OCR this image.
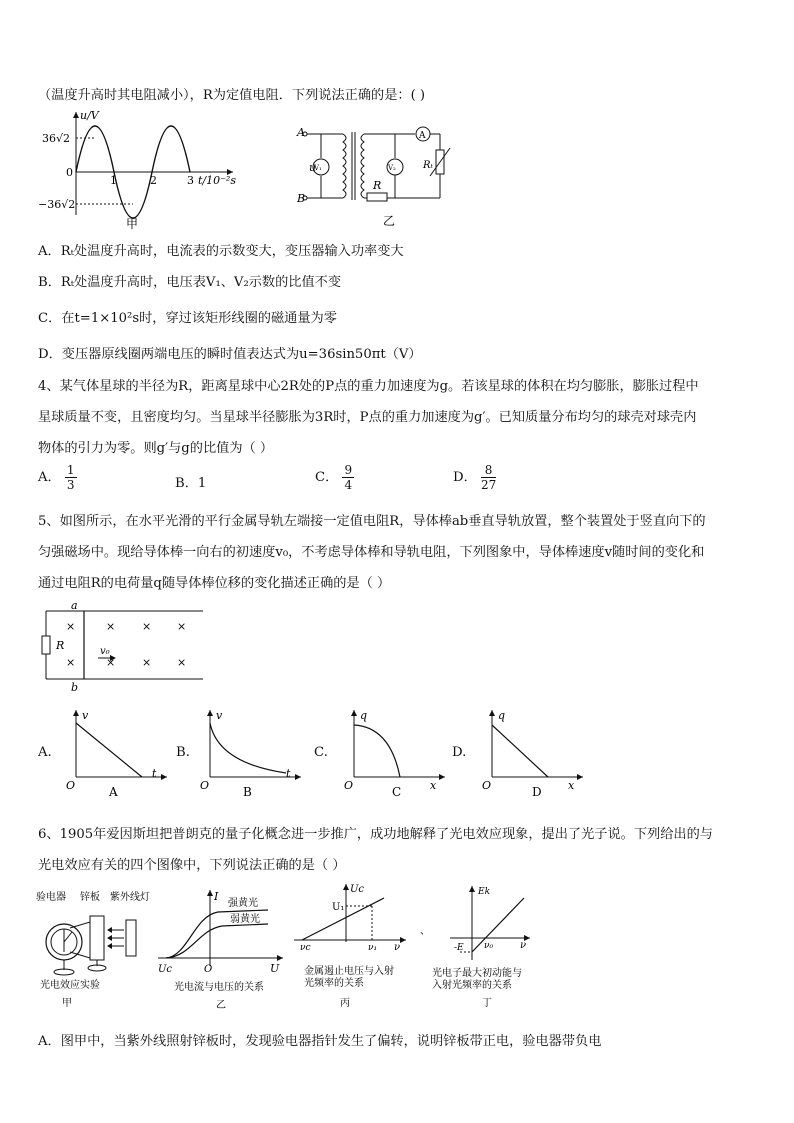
（温度升高时其电阻减小），R为定值电阻．下列说法正确的是：( )
u/V
36√2
−36√2
0
1	2	3 t/10⁻²s
甲
V₁
A
V₂
A
B
u
R
Rₜ
乙
A．Rₜ处温度升高时，电流表的示数变大，变压器输入功率变大
B．Rₜ处温度升高时，电压表V₁、V₂示数的比值不变
C．在t=1×10²s时，穿过该矩形线圈的磁通量为零
D．变压器原线圈两端电压的瞬时值表达式为u=36sin50πt（V）
4、某气体星球的半径为R，距离星球中心2R处的P点的重力加速度为g。若该星球的体积在均匀膨胀，膨胀过程中
星球质量不变，且密度均匀。当星球半径膨胀为3R时，P点的重力加速度为g′。已知质量分布均匀的球壳对球壳内
物体的引力为零。则g′与g的比值为（ ）
A． $\frac{1}{3}$	B．1	C． $\frac{9}{4}$	D． $\frac{8}{27}$
5、如图所示，在水平光滑的平行金属导轨左端接一定值电阻R，导体棒ab垂直导轨放置，整个装置处于竖直向下的
匀强磁场中。现给导体棒一向右的初速度v₀，不考虑导体棒和导轨电阻，下列图象中，导体棒速度v随时间的变化和
通过电阻R的电荷量q随导体棒位移的变化描述正确的是（ ）
a
b
R	v₀
×	× × ×
×	× × ×
A.
v
t
O	A
B.
v
t
O	B
C.
q
x
O	C
D.
q
x
O	D
6、1905年爱因斯坦把普朗克的量子化概念进一步推广，成功地解释了光电效应现象，提出了光子说。下列给出的与
光电效应有关的四个图像中，下列说法正确的是（ ）
验电器 锌板 紫外线灯
光电效应实验
甲
I
强黄光
弱黄光
Uc	O	U
光电流与电压的关系
乙
Uc
U₁
νc	ν₁ ν
金属遏止电压与入射
光频率的关系
丙
、
Ek
-E ν₀	ν
光电子最大初动能与
入射光频率的关系
丁
A．图甲中，当紫外线照射锌板时，发现验电器指针发生了偏转，说明锌板带正电，验电器带负电
